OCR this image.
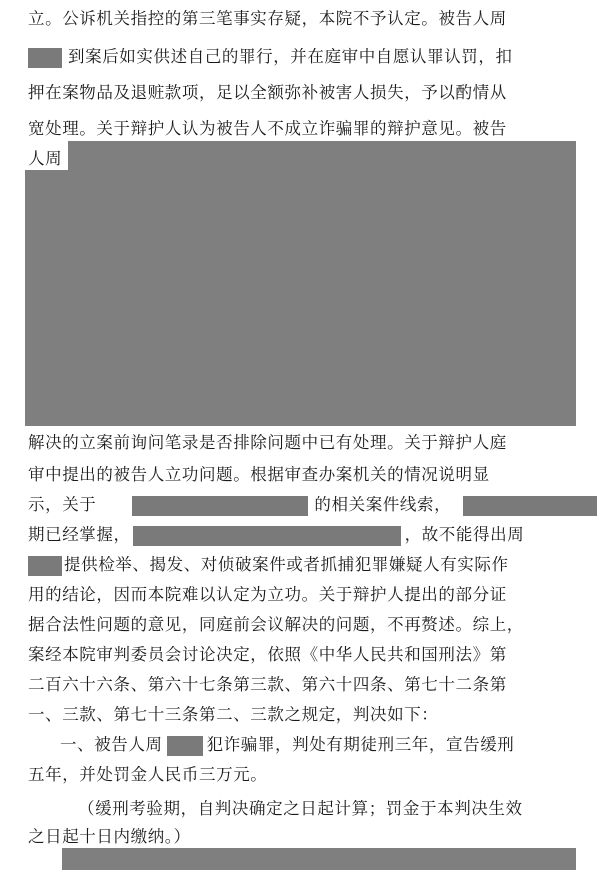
立。公诉机关指控的第三笔事实存疑，本院不予认定。被告人周
到案后如实供述自己的罪行，并在庭审中自愿认罪认罚，扣
押在案物品及退赃款项，足以全额弥补被害人损失，予以酌情从
宽处理。关于辩护人认为被告人不成立诈骗罪的辩护意见。被告
人周
解决的立案前询问笔录是否排除问题中已有处理。关于辩护人庭
审中提出的被告人立功问题。根据审查办案机关的情况说明显
示，关于	的相关案件线索，
期已经掌握，	，故不能得出周
提供检举、揭发、对侦破案件或者抓捕犯罪嫌疑人有实际作
用的结论，因而本院难以认定为立功。关于辩护人提出的部分证
据合法性问题的意见，同庭前会议解决的问题，不再赘述。综上，
案经本院审判委员会讨论决定，依照《中华人民共和国刑法》第
二百六十六条、第六十七条第三款、第六十四条、第七十二条第
一、三款、第七十三条第二、三款之规定，判决如下：
一、被告人周	犯诈骗罪，判处有期徒刑三年，宣告缓刑
五年，并处罚金人民币三万元。
（缓刑考验期，自判决确定之日起计算；罚金于本判决生效
之日起十日内缴纳。）
